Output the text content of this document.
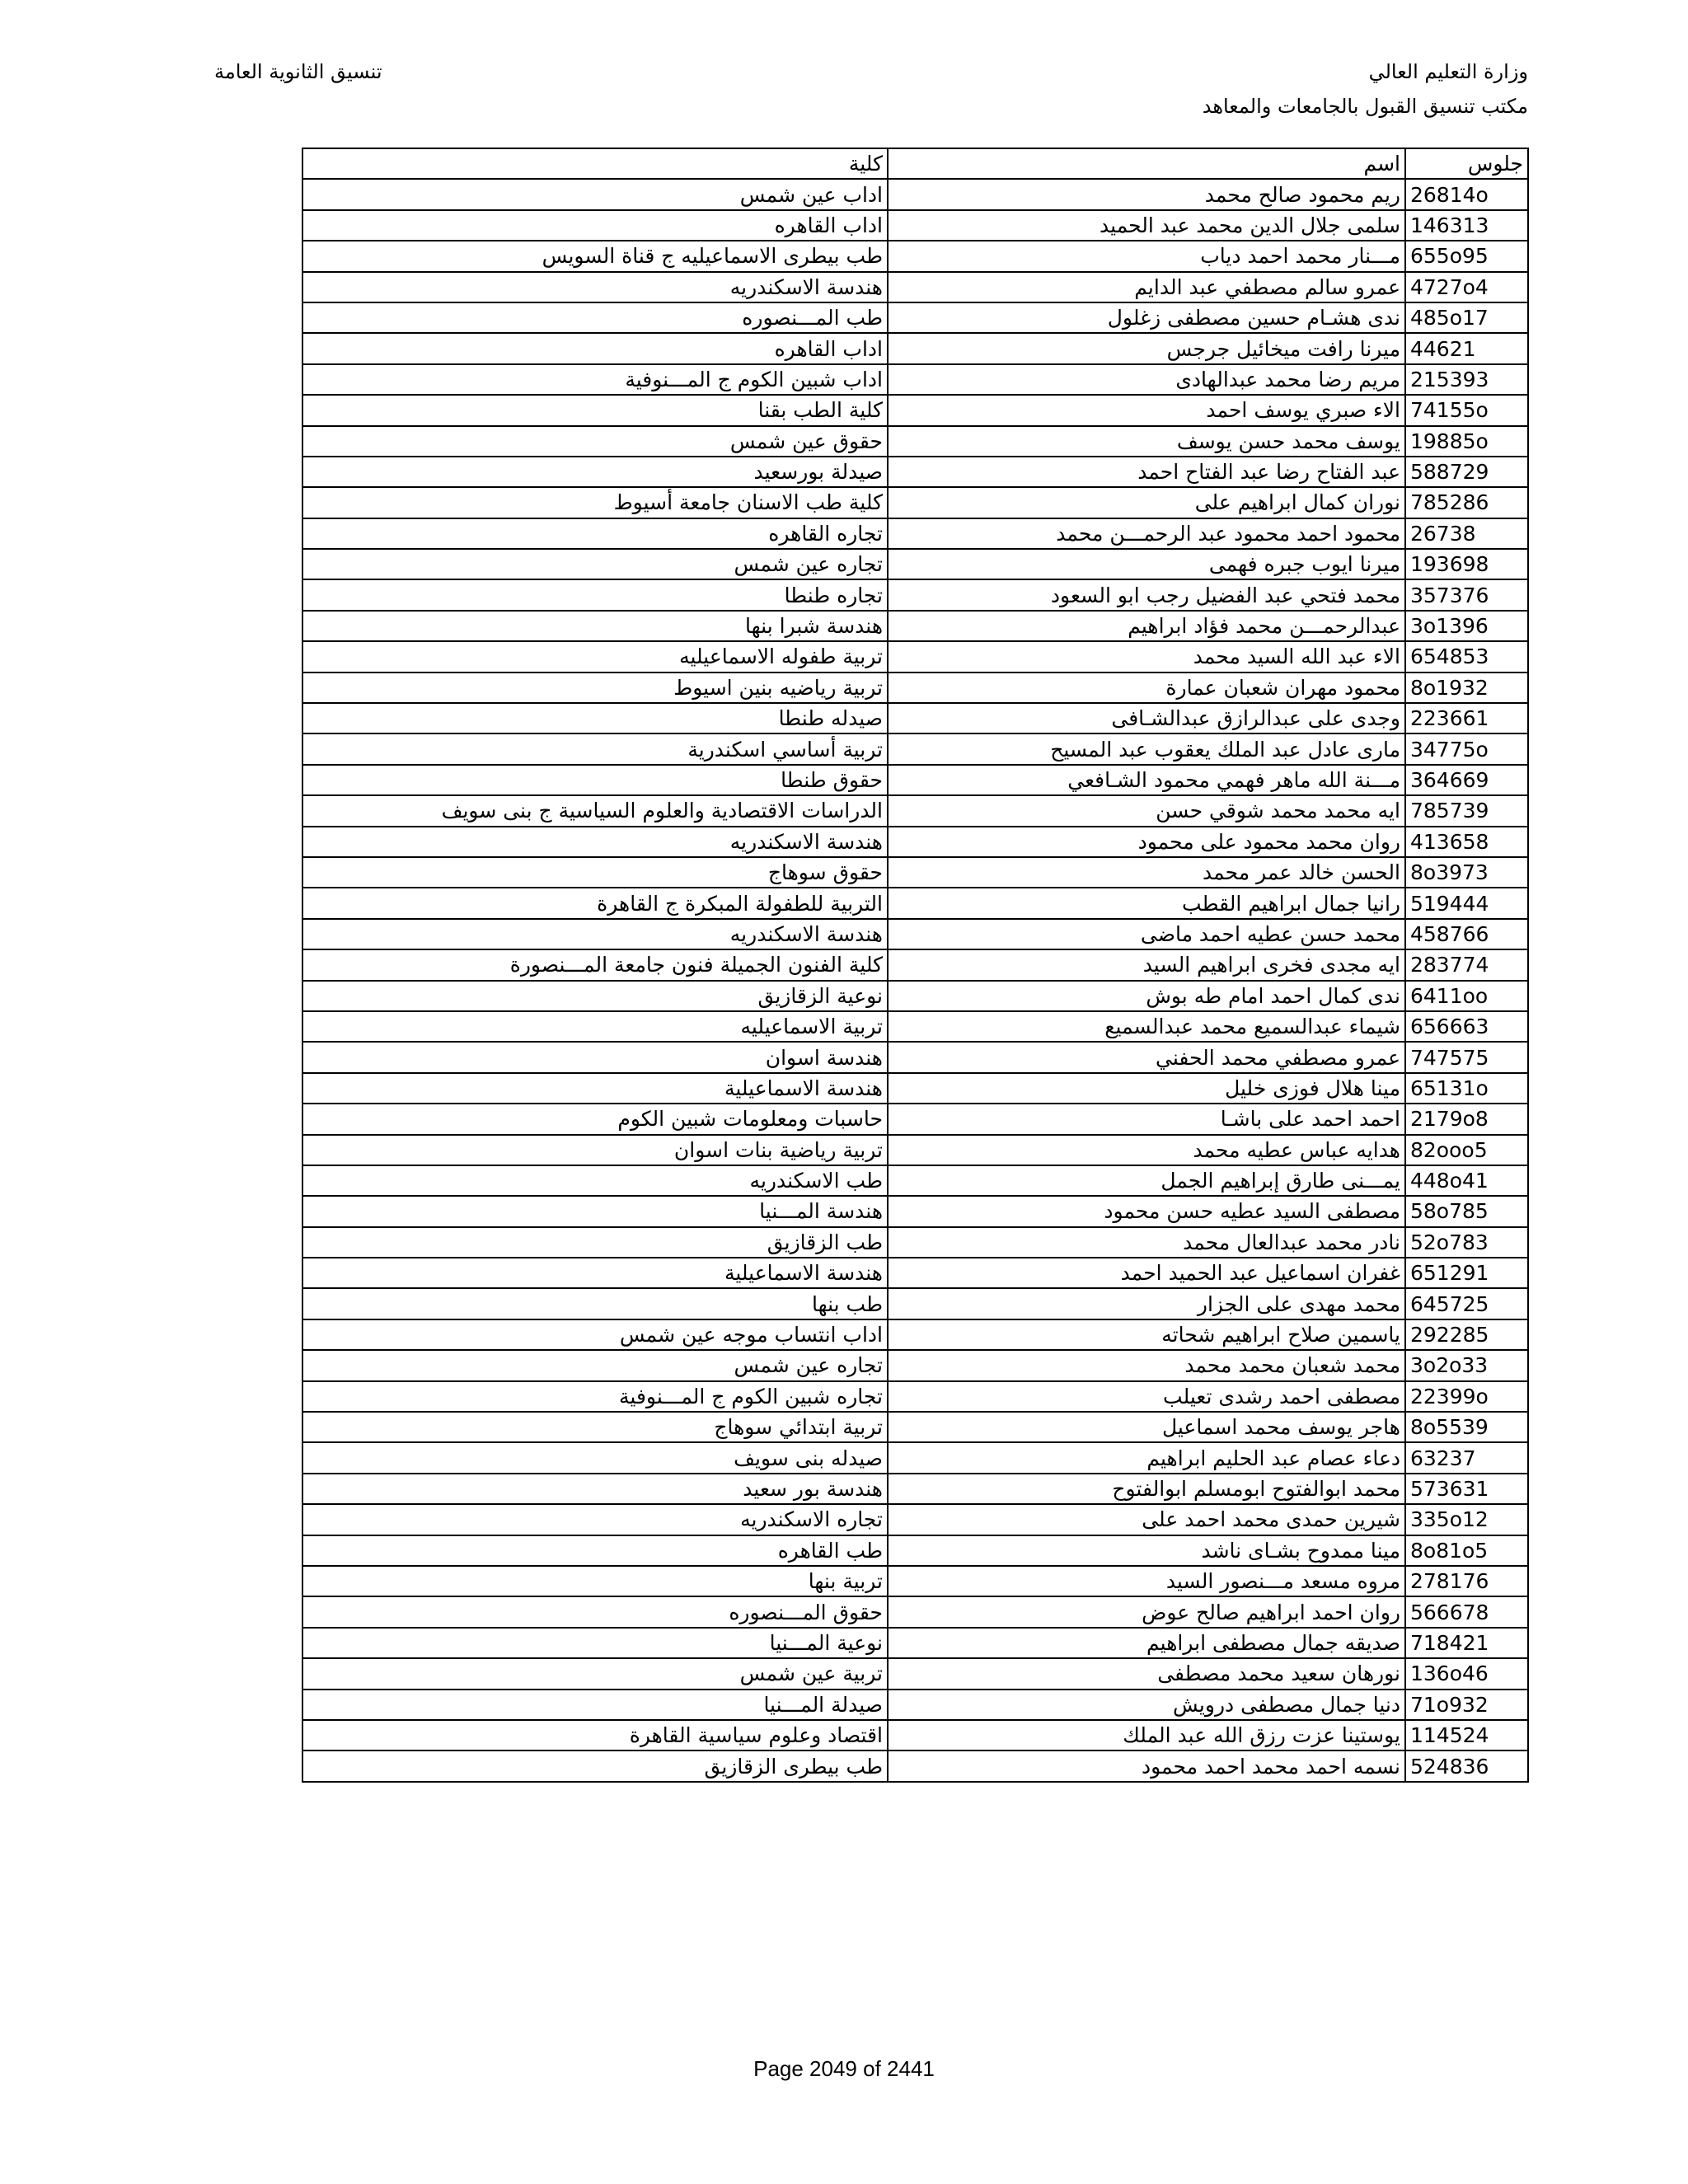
وزارة التعليم العالي
مكتب تنسيق القبول بالجامعات والمعاهد
تنسيق الثانوية العامة
جلوس	اسم	كلية
26814o	ريم محمود صالح محمد	اداب عين شمس
146313	سلمى جلال الدين محمد عبد الحميد	اداب القاهره
655o95	مـــنار محمد احمد دياب	طب بيطرى الاسماعيليه ج قناة السويس
4727o4	عمرو سالم مصطفي عبد الدايم	هندسة الاسكندريه
485o17	ندى هشـام حسين مصطفى زغلول	طب المـــنصوره
44621	ميرنا رافت ميخائيل جرجس	اداب القاهره
215393	مريم رضا محمد عبدالهادى	اداب شبين الكوم ج المـــنوفية
74155o	الاء صبري يوسف احمد	كلية الطب بقنا
19885o	يوسف محمد حسن يوسف	حقوق عين شمس
588729	عبد الفتاح رضا عبد الفتاح احمد	صيدلة بورسعيد
785286	نوران كمال ابراهيم على	كلية طب الاسنان جامعة أسيوط
26738	محمود احمد محمود عبد الرحمـــن محمد	تجاره القاهره
193698	ميرنا ايوب جبره فهمى	تجاره عين شمس
357376	محمد فتحي عبد الفضيل رجب ابو السعود	تجاره طنطا
3o1396	عبدالرحمـــن محمد فؤاد ابراهيم	هندسة شبرا بنها
654853	الاء عبد الله السيد محمد	تربية طفوله الاسماعيليه
8o1932	محمود مهران شعبان عمارة	تربية رياضيه بنين اسيوط
223661	وجدى على عبدالرازق عبدالشـافى	صيدله طنطا
34775o	مارى عادل عبد الملك يعقوب عبد المسيح	تربية أساسي اسكندرية
364669	مـــنة الله ماهر فهمي محمود الشـافعي	حقوق طنطا
785739	ايه محمد محمد شوقي حسن	الدراسات الاقتصادية والعلوم السياسية ج بنى سويف
413658	روان محمد محمود على محمود	هندسة الاسكندريه
8o3973	الحسن خالد عمر محمد	حقوق سوهاج
519444	رانيا جمال ابراهيم القطب	التربية للطفولة المبكرة ج القاهرة
458766	محمد حسن عطيه احمد ماضى	هندسة الاسكندريه
283774	ايه مجدى فخرى ابراهيم السيد	كلية الفنون الجميلة فنون جامعة المـــنصورة
6411oo	ندى كمال احمد امام طه بوش	نوعية الزقازيق
656663	شيماء عبدالسميع محمد عبدالسميع	تربية الاسماعيليه
747575	عمرو مصطفي محمد الحفني	هندسة اسوان
65131o	مينا هلال فوزى خليل	هندسة الاسماعيلية
2179o8	احمد احمد على باشـا	حاسبات ومعلومات شبين الكوم
82ooo5	هدايه عباس عطيه محمد	تربية رياضية بنات اسوان
448o41	يمـــنى طارق إبراهيم الجمل	طب الاسكندريه
58o785	مصطفى السيد عطيه حسن محمود	هندسة المـــنيا
52o783	نادر محمد عبدالعال محمد	طب الزقازيق
651291	غفران اسماعيل عبد الحميد احمد	هندسة الاسماعيلية
645725	محمد مهدى على الجزار	طب بنها
292285	ياسمين صلاح ابراهيم شحاته	اداب انتساب موجه عين شمس
3o2o33	محمد شعبان محمد محمد	تجاره عين شمس
22399o	مصطفى احمد رشدى تعيلب	تجاره شبين الكوم ج المـــنوفية
8o5539	هاجر يوسف محمد اسماعيل	تربية ابتدائي سوهاج
63237	دعاء عصام عبد الحليم ابراهيم	صيدله بنى سويف
573631	محمد ابوالفتوح ابومسلم ابوالفتوح	هندسة بور سعيد
335o12	شيرين حمدى محمد احمد على	تجاره الاسكندريه
8o81o5	مينا ممدوح بشـاى ناشد	طب القاهره
278176	مروه مسعد مـــنصور السيد	تربية بنها
566678	روان احمد ابراهيم صالح عوض	حقوق المـــنصوره
718421	صديقه جمال مصطفى ابراهيم	نوعية المـــنيا
136o46	نورهان سعيد محمد مصطفى	تربية عين شمس
71o932	دنيا جمال مصطفى درويش	صيدلة المـــنيا
114524	يوستينا عزت رزق الله عبد الملك	اقتصاد وعلوم سياسية القاهرة
524836	نسمه احمد محمد احمد محمود	طب بيطرى الزقازيق
Page 2049 of 2441
